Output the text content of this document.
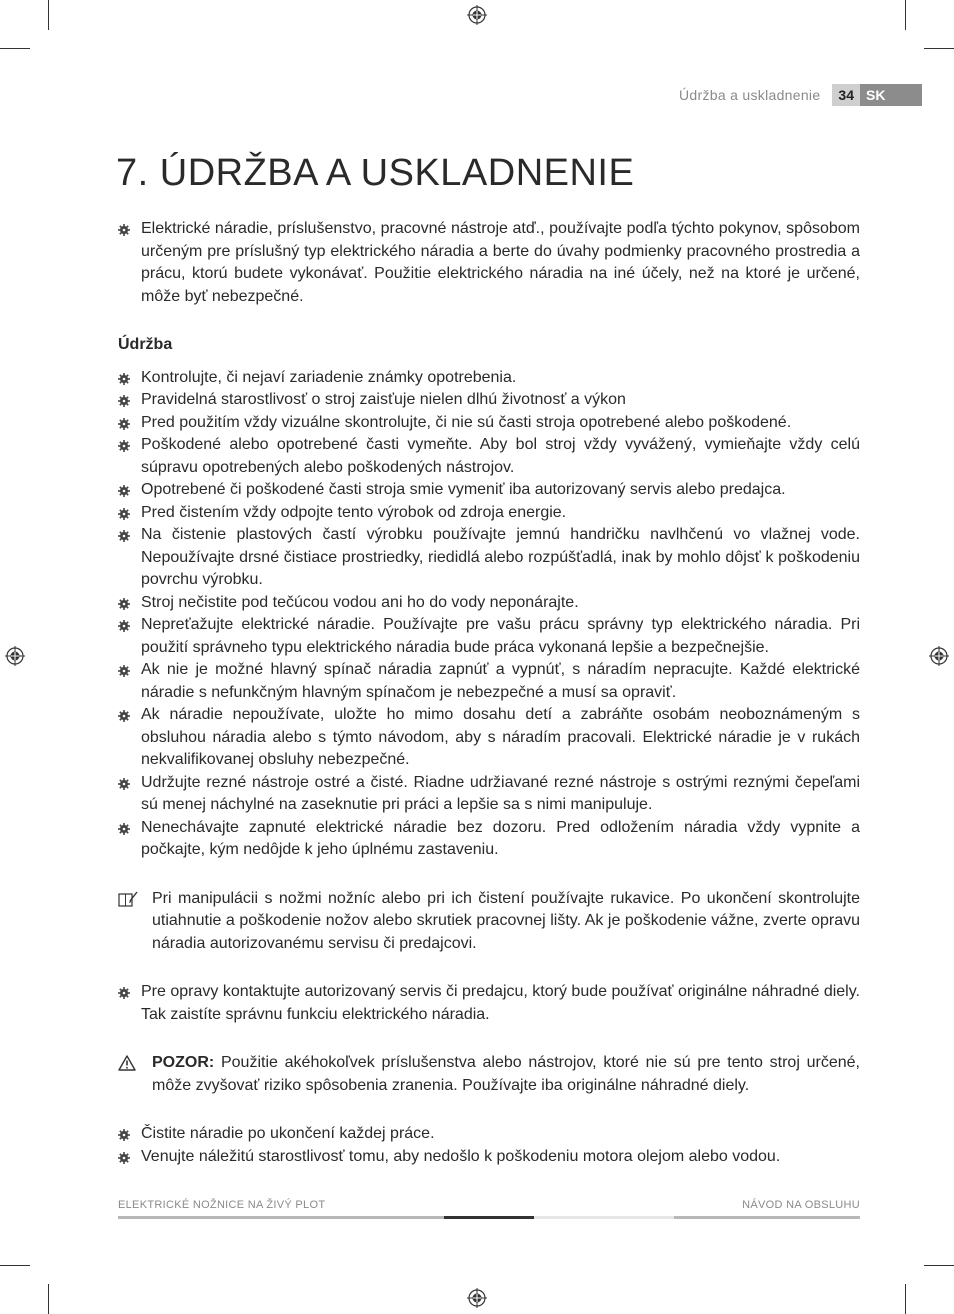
Údržba a uskladnenie	34 SK
7. ÚDRŽBA A USKLADNENIE
Elektrické náradie, príslušenstvo, pracovné nástroje atď., používajte podľa týchto pokynov, spôsobom určeným pre príslušný typ elektrického náradia a berte do úvahy podmienky pracovného prostredia a prácu, ktorú budete vykonávať. Použitie elektrického náradia na iné účely, než na ktoré je určené, môže byť nebezpečné.
Údržba
Kontrolujte, či nejaví zariadenie známky opotrebenia.
Pravidelná starostlivosť o stroj zaisťuje nielen dlhú životnosť a výkon
Pred použitím vždy vizuálne skontrolujte, či nie sú časti stroja opotrebené alebo poškodené.
Poškodené alebo opotrebené časti vymeňte. Aby bol stroj vždy vyvážený, vymieňajte vždy celú súpravu opotrebených alebo poškodených nástrojov.
Opotrebené či poškodené časti stroja smie vymeniť iba autorizovaný servis alebo predajca.
Pred čistením vždy odpojte tento výrobok od zdroja energie.
Na čistenie plastových častí výrobku používajte jemnú handričku navlhčenú vo vlažnej vode. Nepoužívajte drsné čistiace prostriedky, riedidlá alebo rozpúšťadlá, inak by mohlo dôjsť k poškodeniu povrchu výrobku.
Stroj nečistite pod tečúcou vodou ani ho do vody neponárajte.
Nepreťažujte elektrické náradie. Používajte pre vašu prácu správny typ elektrického náradia. Pri použití správneho typu elektrického náradia bude práca vykonaná lepšie a bezpečnejšie.
Ak nie je možné hlavný spínač náradia zapnúť a vypnúť, s náradím nepracujte. Každé elektrické náradie s nefunkčným hlavným spínačom je nebezpečné a musí sa opraviť.
Ak náradie nepoužívate, uložte ho mimo dosahu detí a zabráňte osobám neoboznámeným s obsluhou náradia alebo s týmto návodom, aby s náradím pracovali. Elektrické náradie je v rukách nekvalifikovanej obsluhy nebezpečné.
Udržujte rezné nástroje ostré a čisté. Riadne udržiavané rezné nástroje s ostrými reznými čepeľami sú menej náchylné na zaseknutie pri práci a lepšie sa s nimi manipuluje.
Nenechávajte zapnuté elektrické náradie bez dozoru. Pred odložením náradia vždy vypnite a počkajte, kým nedôjde k jeho úplnému zastaveniu.
Pri manipulácii s nožmi nožníc alebo pri ich čistení používajte rukavice. Po ukončení skontrolujte utiahnutie a poškodenie nožov alebo skrutiek pracovnej lišty. Ak je poškodenie vážne, zverte opravu náradia autorizovanému servisu či predajcovi.
Pre opravy kontaktujte autorizovaný servis či predajcu, ktorý bude používať originálne náhradné diely. Tak zaistíte správnu funkciu elektrického náradia.
POZOR: Použitie akéhokoľvek príslušenstva alebo nástrojov, ktoré nie sú pre tento stroj určené, môže zvyšovať riziko spôsobenia zranenia. Používajte iba originálne náhradné diely.
Čistite náradie po ukončení každej práce.
Venujte náležitú starostlivosť tomu, aby nedošlo k poškodeniu motora olejom alebo vodou.
ELEKTRICKÉ NOŽNICE NA ŽIVÝ PLOT	NÁVOD NA OBSLUHU
